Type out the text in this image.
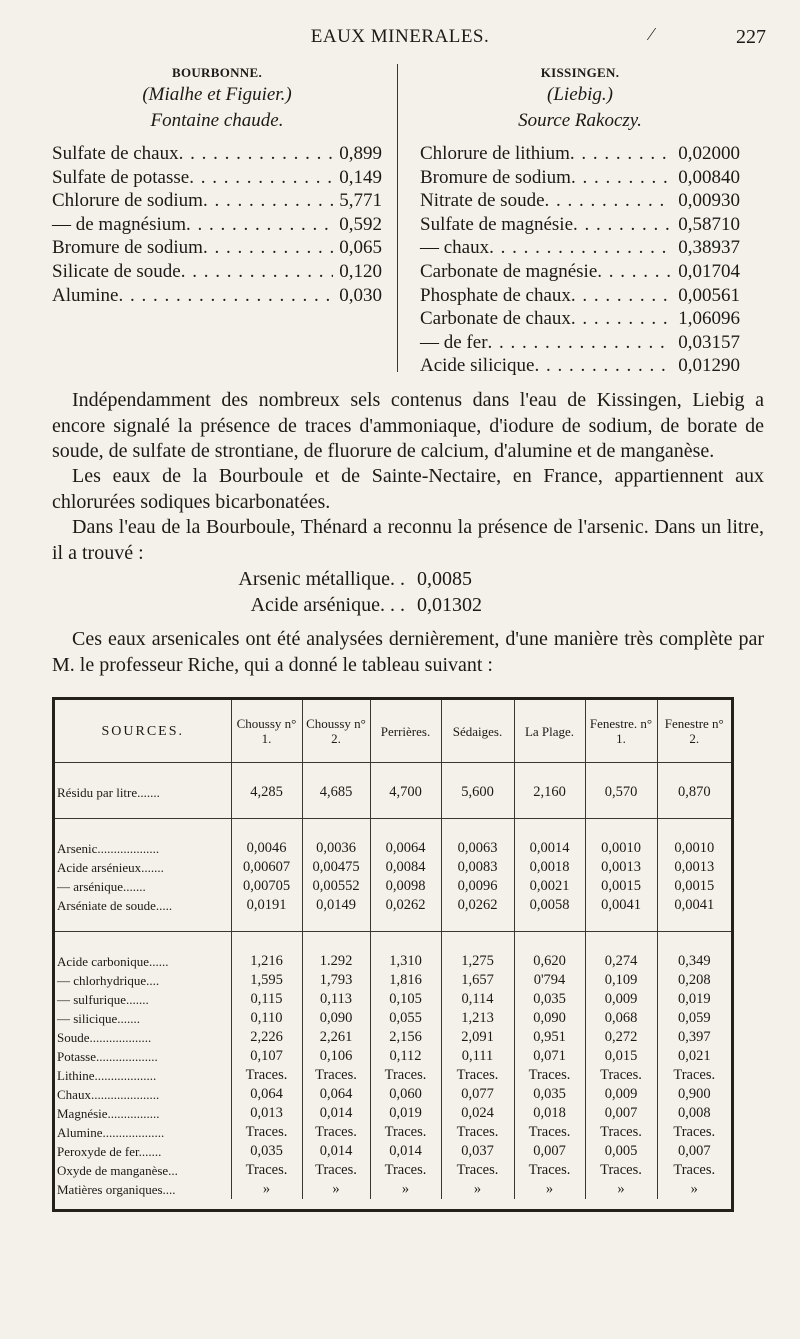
EAUX MINERALES.	⁄	227
BOURBONNE.
(Mialhe et Figuier.)
Fontaine chaude.
Sulfate de chaux . . .	0,899
Sulfate de potasse . . .	0,149
Chlorure de sodium . . .	5,771
— de magnésium . . .	0,592
Bromure de sodium . . .	0,065
Silicate de soude . . .	0,120
Alumine . . .	0,030
KISSINGEN.
(Liebig.)
Source Rakoczy.
Chlorure de lithium . . .	0,02000
Bromure de sodium . . .	0,00840
Nitrate de soude . . .	0,00930
Sulfate de magnésie . . .	0,58710
— chaux . . .	0,38937
Carbonate de magnésie . . .	0,01704
Phosphate de chaux . . .	0,00561
Carbonate de chaux . . .	1,06096
— de fer . . .	0,03157
Acide silicique . . .	0,01290

Indépendamment des nombreux sels contenus dans l'eau de Kissingen, Liebig a encore signalé la présence de traces d'ammoniaque, d'iodure de sodium, de borate de soude, de sulfate de strontiane, de fluorure de calcium, d'alumine et de manganèse.

Les eaux de la Bourboule et de Sainte-Nectaire, en France, appartiennent aux chlorurées sodiques bicarbonatées.

Dans l'eau de la Bourboule, Thénard a reconnu la présence de l'arsenic. Dans un litre, il a trouvé :

Arsenic métallique. . 0,0085
Acide arsénique. . . 0,01302

Ces eaux arsenicales ont été analysées dernièrement, d'une manière très complète par M. le professeur Riche, qui a donné le tableau suivant :

SOURCES.	Choussy n° 1.	Choussy n° 2.	Perrières.	Sédaiges.	La Plage.	Fenestre. n° 1.	Fenestre n° 2.

Résidu par litre.......	4,285	4,685	4,700	5,600	2,160	0,570	0,870

Arsenic...................	0,0046	0,0036	0,0064	0,0063	0,0014	0,0010	0,0010
Acide arsénieux.......	0,00607	0,00475	0,0084	0,0083	0,0018	0,0013	0,0013
— arsénique.......	0,00705	0,00552	0,0098	0,0096	0,0021	0,0015	0,0015
Arséniate de soude.....	0,0191	0,0149	0,0262	0,0262	0,0058	0,0041	0,0041

Acide carbonique......	1,216	1.292	1,310	1,275	0,620	0,274	0,349
— chlorhydrique....	1,595	1,793	1,816	1,657	0'794	0,109	0,208
— sulfurique.......	0,115	0,113	0,105	0,114	0,035	0,009	0,019
— silicique.......	0,110	0,090	0,055	1,213	0,090	0,068	0,059
Soude...................	2,226	2,261	2,156	2,091	0,951	0,272	0,397
Potasse...................	0,107	0,106	0,112	0,111	0,071	0,015	0,021
Lithine...................	Traces.	Traces.	Traces.	Traces.	Traces.	Traces.	Traces.
Chaux.....................	0,064	0,064	0,060	0,077	0,035	0,009	0,900
Magnésie................	0,013	0,014	0,019	0,024	0,018	0,007	0,008
Alumine...................	Traces.	Traces.	Traces.	Traces.	Traces.	Traces.	Traces.
Peroxyde de fer.......	0,035	0,014	0,014	0,037	0,007	0,005	0,007
Oxyde de manganèse...	Traces.	Traces.	Traces.	Traces.	Traces.	Traces.	Traces.
Matières organiques....	»	»	»	»	»	»	»
